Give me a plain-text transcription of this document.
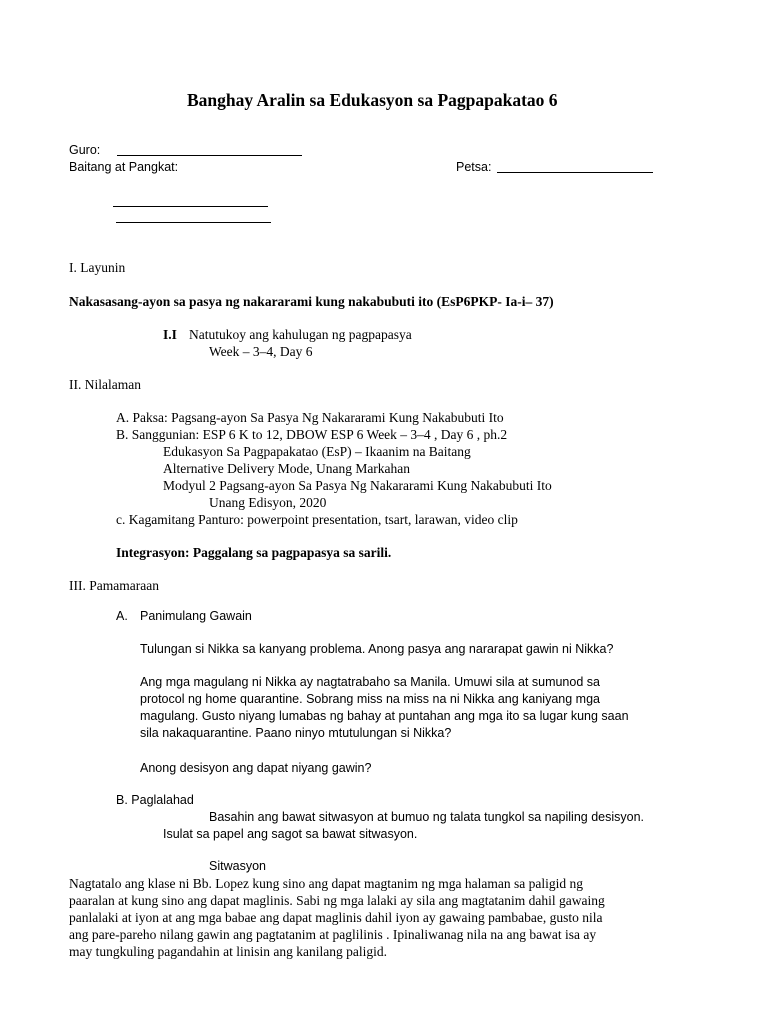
Banghay Aralin sa Edukasyon sa Pagpapakatao 6
Guro:
Baitang at Pangkat:	Petsa:
I. Layunin
Nakasasang-ayon sa pasya ng nakararami kung nakabubuti ito (EsP6PKP- Ia-i– 37)
I.I Natutukoy ang kahulugan ng pagpapasya
Week – 3–4, Day 6
II. Nilalaman
A. Paksa: Pagsang-ayon Sa Pasya Ng Nakararami Kung Nakabubuti Ito
B. Sanggunian: ESP 6 K to 12, DBOW ESP 6 Week – 3–4 , Day 6 , ph.2
Edukasyon Sa Pagpapakatao (EsP) – Ikaanim na Baitang
Alternative Delivery Mode, Unang Markahan
Modyul 2 Pagsang-ayon Sa Pasya Ng Nakararami Kung Nakabubuti Ito
Unang Edisyon, 2020
c. Kagamitang Panturo: powerpoint presentation, tsart, larawan, video clip
Integrasyon: Paggalang sa pagpapasya sa sarili.
III. Pamamaraan
A. Panimulang Gawain
Tulungan si Nikka sa kanyang problema. Anong pasya ang nararapat gawin ni Nikka?
Ang mga magulang ni Nikka ay nagtatrabaho sa Manila. Umuwi sila at sumunod sa
protocol ng home quarantine. Sobrang miss na miss na ni Nikka ang kaniyang mga
magulang. Gusto niyang lumabas ng bahay at puntahan ang mga ito sa lugar kung saan
sila nakaquarantine. Paano ninyo mtutulungan si Nikka?
Anong desisyon ang dapat niyang gawin?
B. Paglalahad
Basahin ang bawat sitwasyon at bumuo ng talata tungkol sa napiling desisyon.
Isulat sa papel ang sagot sa bawat sitwasyon.
Sitwasyon
Nagtatalo ang klase ni Bb. Lopez kung sino ang dapat magtanim ng mga halaman sa paligid ng
paaralan at kung sino ang dapat maglinis. Sabi ng mga lalaki ay sila ang magtatanim dahil gawaing
panlalaki at iyon at ang mga babae ang dapat maglinis dahil iyon ay gawaing pambabae, gusto nila
ang pare-pareho nilang gawin ang pagtatanim at paglilinis . Ipinaliwanag nila na ang bawat isa ay
may tungkuling pagandahin at linisin ang kanilang paligid.
